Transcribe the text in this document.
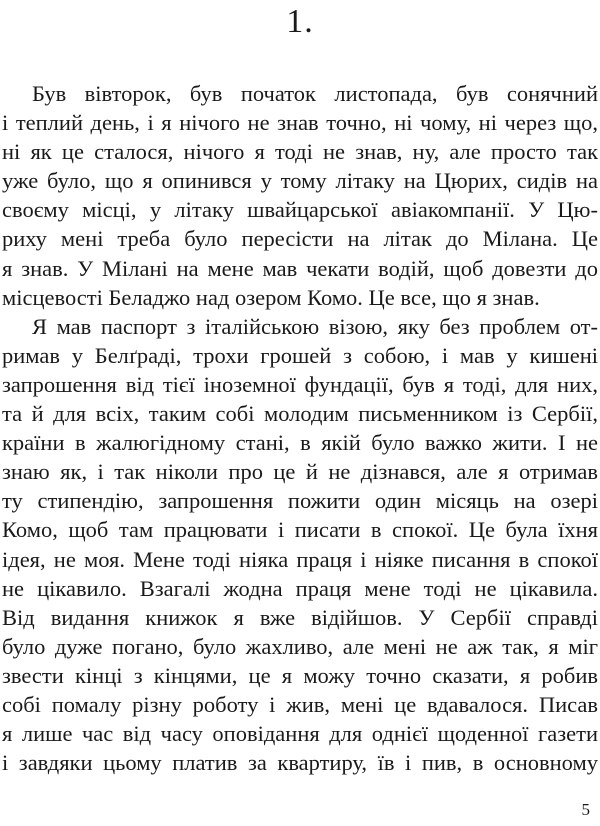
1.

Був вівторок, був початок листопада, був сонячний
і теплий день, і я нічого не знав точно, ні чому, ні через що,
ні як це сталося, нічого я тоді не знав, ну, але просто так
уже було, що я опинився у тому літаку на Цюрих, сидів на
своєму місці, у літаку швайцарської авіакомпанії. У Цю-
риху мені треба було пересісти на літак до Мілана. Це
я знав. У Мілані на мене мав чекати водій, щоб довезти до
місцевості Беладжо над озером Комо. Це все, що я знав.

Я мав паспорт з італійською візою, яку без проблем от-
римав у Белґраді, трохи грошей з собою, і мав у кишені
запрошення від тієї іноземної фундації, був я тоді, для них,
та й для всіх, таким собі молодим письменником із Сербії,
країни в жалюгідному стані, в якій було важко жити. І не
знаю як, і так ніколи про це й не дізнався, але я отримав
ту стипендію, запрошення пожити один місяць на озері
Комо, щоб там працювати і писати в спокої. Це була їхня
ідея, не моя. Мене тоді ніяка праця і ніяке писання в спокої
не цікавило. Взагалі жодна праця мене тоді не цікавила.
Від видання книжок я вже відійшов. У Сербії справді
було дуже погано, було жахливо, але мені не аж так, я міг
звести кінці з кінцями, це я можу точно сказати, я робив
собі помалу різну роботу і жив, мені це вдавалося. Писав
я лише час від часу оповідання для однієї щоденної газети
і завдяки цьому платив за квартиру, їв і пив, в основному

5
